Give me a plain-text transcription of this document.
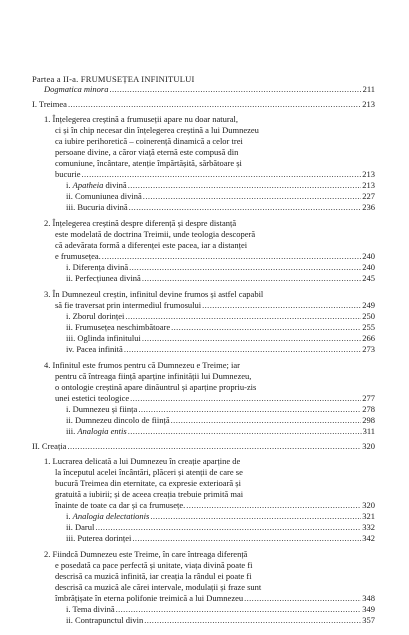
Partea a II-a. FRUMUSEȚEA INFINITULUI
Dogmatica minora .....	211
I. Treimea .....	213
1. Înțelegerea creștină a frumuseții apare nu doar natural,
ci și în chip necesar din înțelegerea creștină a lui Dumnezeu
ca iubire perihoretică – coinerență dinamică a celor trei
persoane divine, a căror viață eternă este compusă din
comuniune, încântare, atenție împărtășită, sărbătoare și
bucurie .....	213
i. Apatheia divină .....	213
ii. Comuniunea divină .....	227
iii. Bucuria divină .....	236
2. Înțelegerea creștină despre diferență și despre distanță
este modelată de doctrina Treimii, unde teologia descoperă
că adevărata formă a diferenței este pacea, iar a distanței
e frumusețea. .....	240
i. Diferența divină .....	240
ii. Perfecțiunea divină .....	245
3. În Dumnezeul creștin, infinitul devine frumos și astfel capabil
să fie traversat prin intermediul frumosului .....	249
i. Zborul dorinței .....	250
ii. Frumusețea neschimbătoare .....	255
iii. Oglinda infinitului .....	266
iv. Pacea infinită .....	273
4. Infinitul este frumos pentru că Dumnezeu e Treime; iar
pentru că întreaga ființă aparține infinității lui Dumnezeu,
o ontologie creștină apare dinăuntrul și aparține propriu-zis
unei estetici teologice .....	277
i. Dumnezeu și ființa .....	278
ii. Dumnezeu dincolo de ființă .....	298
iii. Analogia entis .....	311
II. Creația .....	320
1. Lucrarea delicată a lui Dumnezeu în creație aparține de
la începutul acelei încântări, plăceri și atenții de care se
bucură Treimea din eternitate, ca expresie exterioară și
gratuită a iubirii; și de aceea creația trebuie primită mai
înainte de toate ca dar și ca frumusețe. .....	320
i. Analogia delectationis .....	321
ii. Darul .....	332
iii. Puterea dorinței .....	342
2. Fiindcă Dumnezeu este Treime, în care întreaga diferență
e posedată ca pace perfectă și unitate, viața divină poate fi
descrisă ca muzică infinită, iar creația la rândul ei poate fi
descrisă ca muzică ale cărei intervale, modulații și fraze sunt
îmbrățișate în eterna polifonie treimică a lui Dumnezeu .....	348
i. Tema divină .....	349
ii. Contrapunctul divin .....	357
